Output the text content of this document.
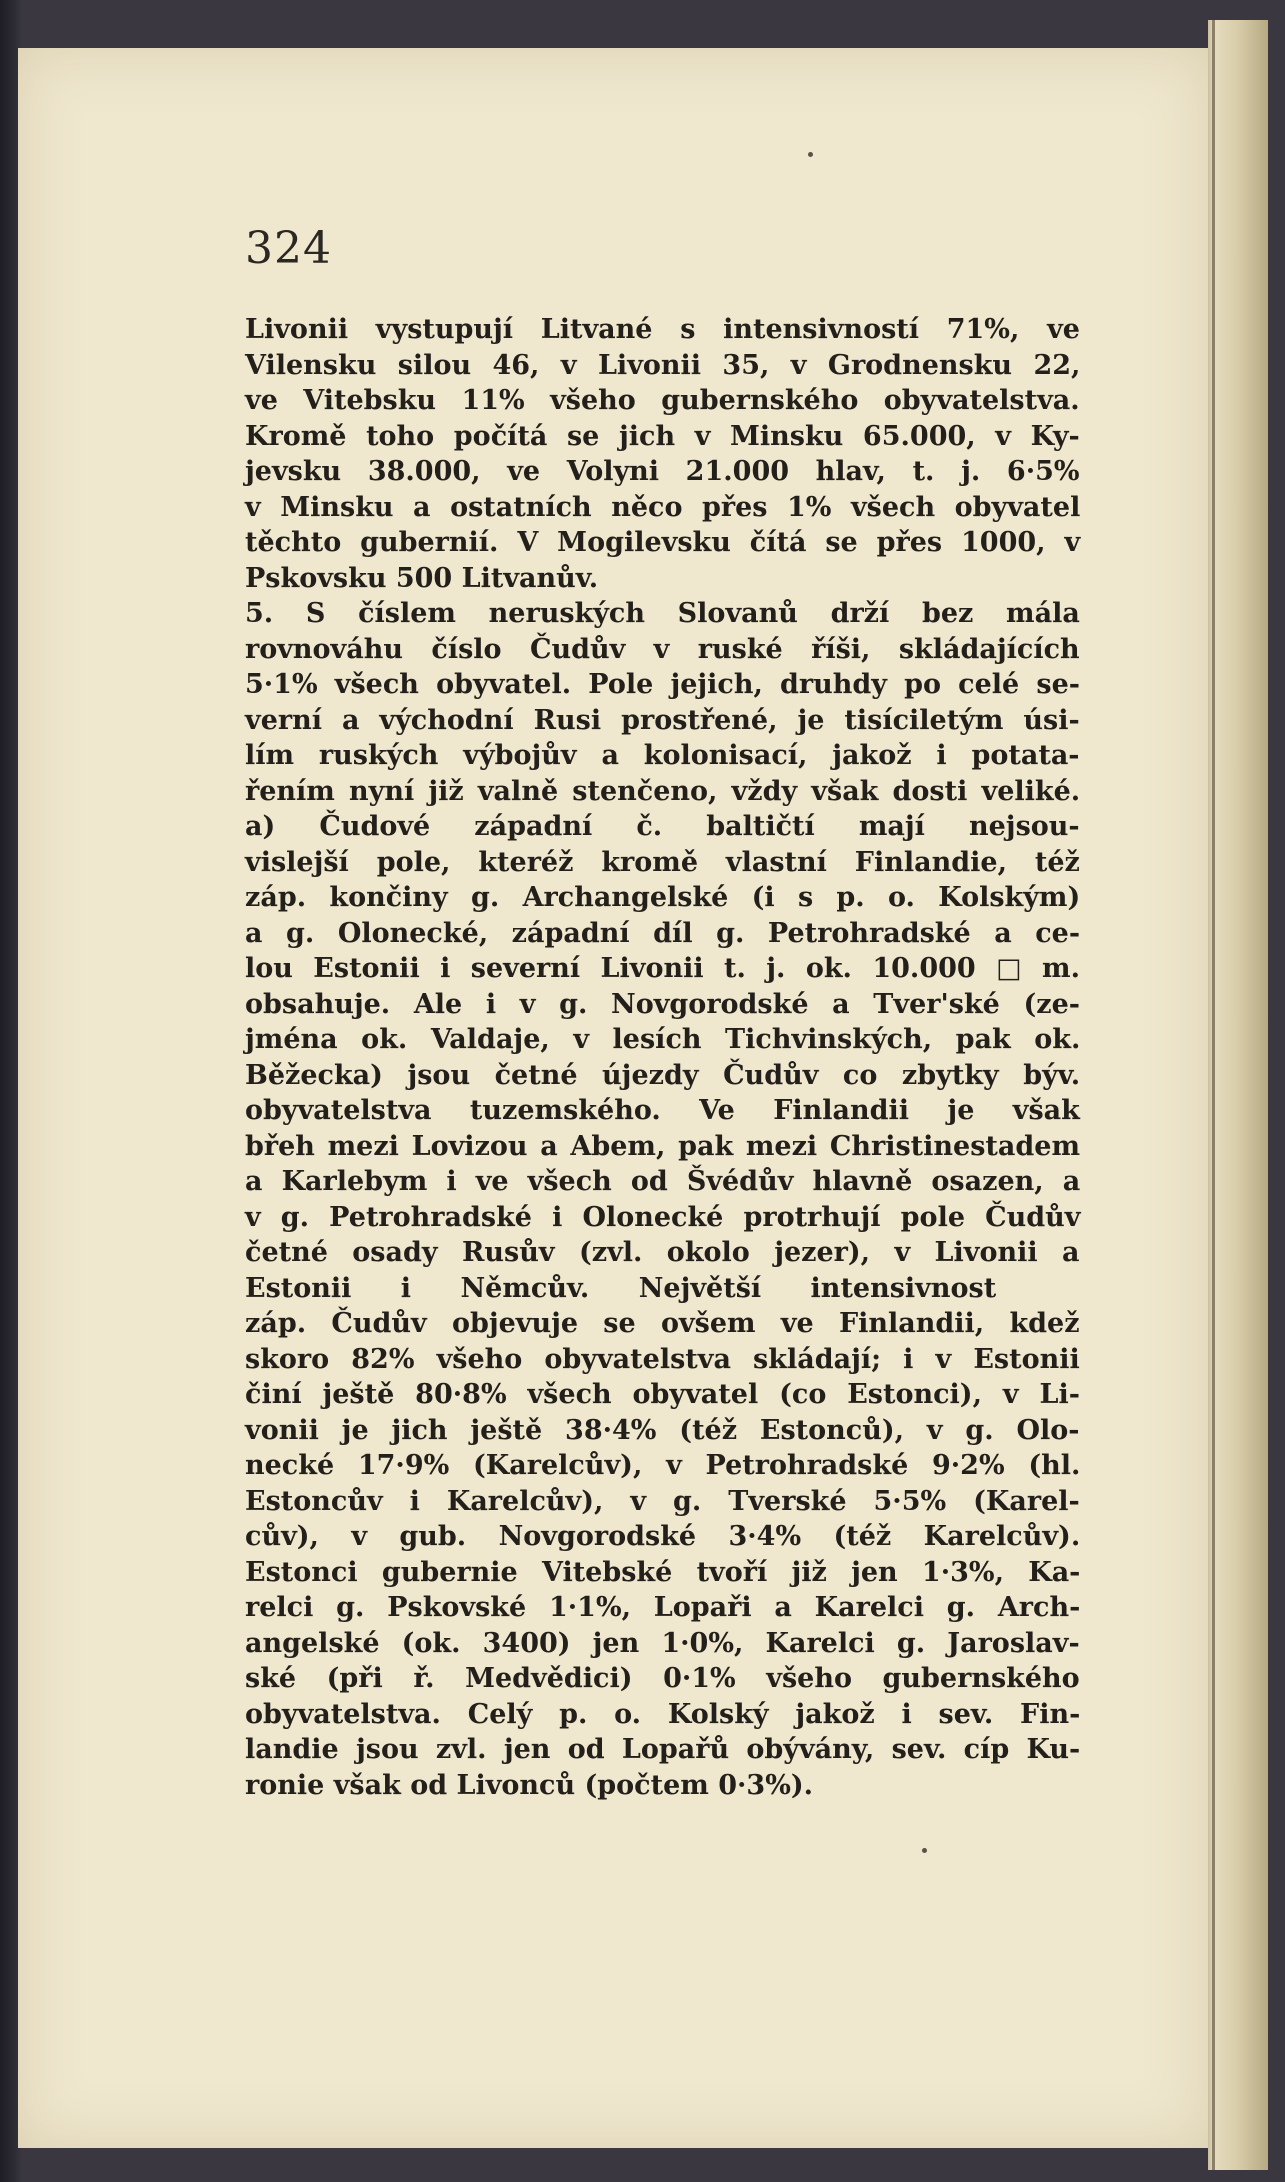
324
Livonii vystupují Litvané s intensivností 71%, ve
Vilensku silou 46, v Livonii 35, v Grodnensku 22,
ve Vitebsku 11% všeho gubernského obyvatelstva.
Kromě toho počítá se jich v Minsku 65.000, v Ky-
jevsku 38.000, ve Volyni 21.000 hlav, t. j. 6·5%
v Minsku a ostatních něco přes 1% všech obyvatel
těchto gubernií. V Mogilevsku čítá se přes 1000, v
Pskovsku 500 Litvanův.
5. S číslem neruských Slovanů drží bez mála
rovnováhu číslo Čudův v ruské říši, skládajících
5·1% všech obyvatel. Pole jejich, druhdy po celé se-
verní a východní Rusi prostřené, je tisíciletým úsi-
lím ruských výbojův a kolonisací, jakož i potata-
řením nyní již valně stenčeno, vždy však dosti veliké.
a) Čudové západní č. baltičtí mají nejsou-
vislejší pole, kteréž kromě vlastní Finlandie, též
záp. končiny g. Archangelské (i s p. o. Kolským)
a g. Olonecké, západní díl g. Petrohradské a ce-
lou Estonii i severní Livonii t. j. ok. 10.000 □ m.
obsahuje. Ale i v g. Novgorodské a Tver'ské (ze-
jména ok. Valdaje, v lesích Tichvinských, pak ok.
Běžecka) jsou četné újezdy Čudův co zbytky býv.
obyvatelstva tuzemského. Ve Finlandii je však
břeh mezi Lovizou a Abem, pak mezi Christinestadem
a Karlebym i ve všech od Švédův hlavně osazen, a
v g. Petrohradské i Olonecké protrhují pole Čudův
četné osady Rusův (zvl. okolo jezer), v Livonii a
Estonii i Němcův. Největší intensivnost
záp. Čudův objevuje se ovšem ve Finlandii, kdež
skoro 82% všeho obyvatelstva skládají; i v Estonii
činí ještě 80·8% všech obyvatel (co Estonci), v Li-
vonii je jich ještě 38·4% (též Estonců), v g. Olo-
necké 17·9% (Karelcův), v Petrohradské 9·2% (hl.
Estoncův i Karelcův), v g. Tverské 5·5% (Karel-
cův), v gub. Novgorodské 3·4% (též Karelcův).
Estonci gubernie Vitebské tvoří již jen 1·3%, Ka-
relci g. Pskovské 1·1%, Lopaři a Karelci g. Arch-
angelské (ok. 3400) jen 1·0%, Karelci g. Jaroslav-
ské (při ř. Medvědici) 0·1% všeho gubernského
obyvatelstva. Celý p. o. Kolský jakož i sev. Fin-
landie jsou zvl. jen od Lopařů obývány, sev. cíp Ku-
ronie však od Livonců (počtem 0·3%).
